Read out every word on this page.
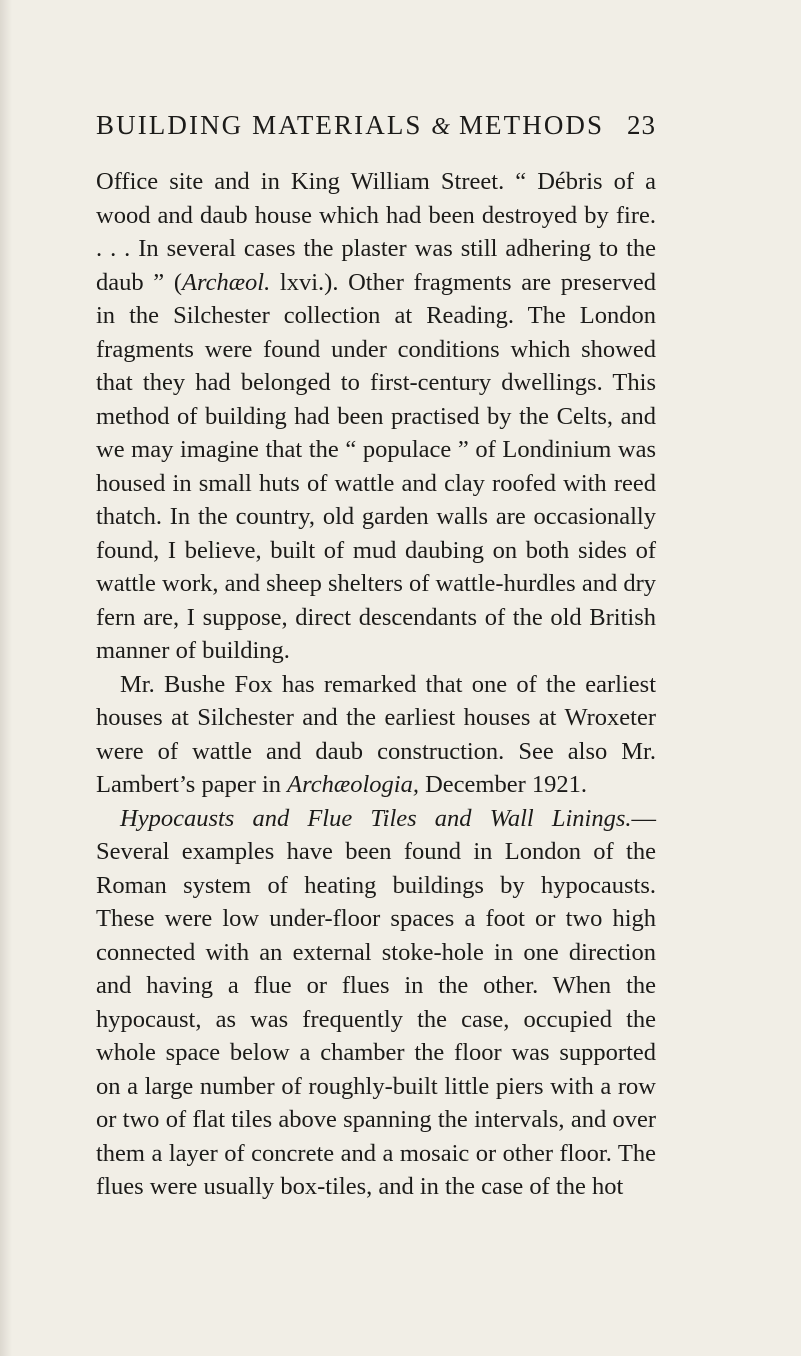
BUILDING MATERIALS & METHODS 23

Office site and in King William Street. “ Débris of a wood and daub house which had been destroyed by fire. . . . In several cases the plaster was still adhering to the daub ” (Archæol. lxvi.). Other fragments are preserved in the Silchester collection at Reading. The London fragments were found under conditions which showed that they had belonged to first-century dwellings. This method of building had been practised by the Celts, and we may imagine that the “ populace ” of Londinium was housed in small huts of wattle and clay roofed with reed thatch. In the country, old garden walls are occasionally found, I believe, built of mud daubing on both sides of wattle work, and sheep shelters of wattle-hurdles and dry fern are, I suppose, direct descendants of the old British manner of building.

Mr. Bushe Fox has remarked that one of the earliest houses at Silchester and the earliest houses at Wroxeter were of wattle and daub construction. See also Mr. Lambert’s paper in Archæologia, December 1921.

Hypocausts and Flue Tiles and Wall Linings.— Several examples have been found in London of the Roman system of heating buildings by hypocausts. These were low under-floor spaces a foot or two high connected with an external stoke-hole in one direction and having a flue or flues in the other. When the hypocaust, as was frequently the case, occupied the whole space below a chamber the floor was supported on a large number of roughly-built little piers with a row or two of flat tiles above spanning the intervals, and over them a layer of concrete and a mosaic or other floor. The flues were usually box-tiles, and in the case of the hot
